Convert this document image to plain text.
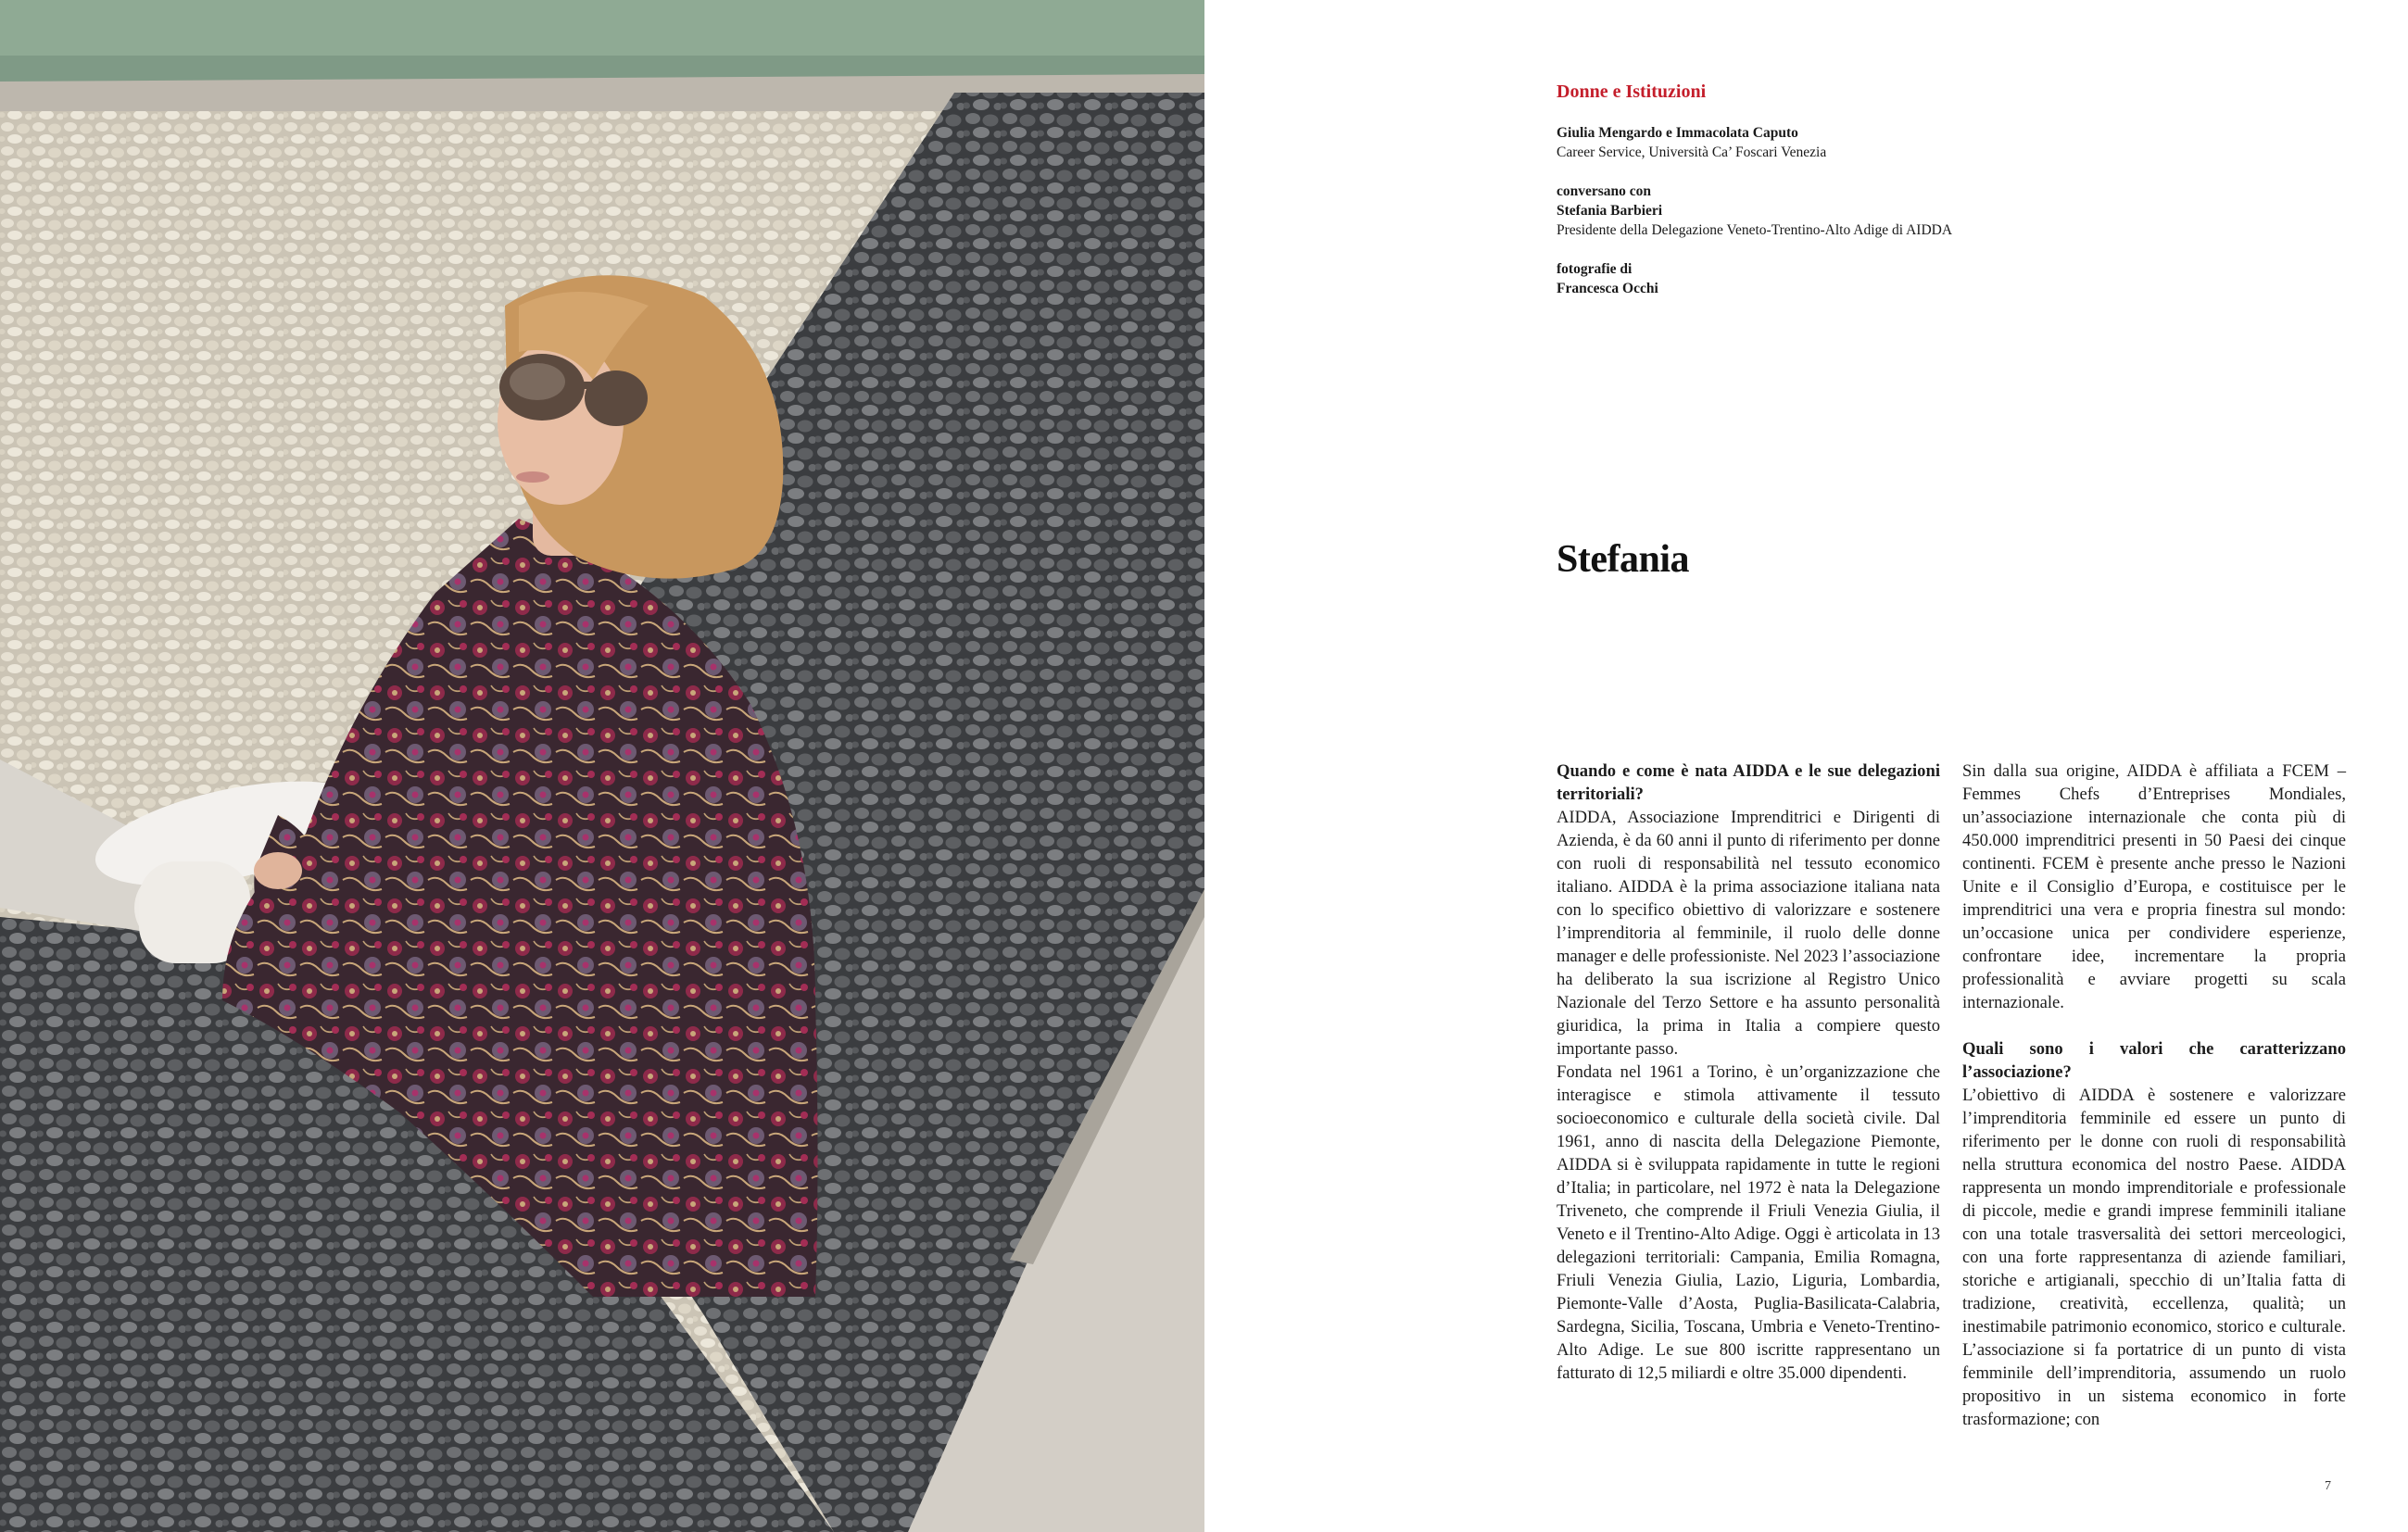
Donne e Istituzioni

Giulia Mengardo e Immacolata Caputo
Career Service, Università Ca’ Foscari Venezia

conversano con
Stefania Barbieri
Presidente della Delegazione Veneto-Trentino-Alto Adige di AIDDA

fotografie di
Francesca Occhi

Stefania

Quando e come è nata AIDDA e le sue delegazioni territoriali?

AIDDA, Associazione Imprenditrici e Dirigenti di Azienda, è da 60 anni il punto di riferimento per donne con ruoli di responsabilità nel tessuto economico italiano. AIDDA è la prima associazione italiana nata con lo specifico obiettivo di valorizzare e sostenere l’imprenditoria al femminile, il ruolo delle donne manager e delle professioniste. Nel 2023 l’associazione ha deliberato la sua iscrizione al Registro Unico Nazionale del Terzo Settore e ha assunto personalità giuridica, la prima in Italia a compiere questo importante passo.

Fondata nel 1961 a Torino, è un’organizzazione che interagisce e stimola attivamente il tessuto socioeconomico e culturale della società civile. Dal 1961, anno di nascita della Delegazione Piemonte, AIDDA si è sviluppata rapidamente in tutte le regioni d’Italia; in particolare, nel 1972 è nata la Delegazione Triveneto, che comprende il Friuli Venezia Giulia, il Veneto e il Trentino-Alto Adige. Oggi è articolata in 13 delegazioni territoriali: Campania, Emilia Romagna, Friuli Venezia Giulia, Lazio, Liguria, Lombardia, Piemonte-Valle d’Aosta, Puglia-Basilicata-Calabria, Sardegna, Sicilia, Toscana, Umbria e Veneto-Trentino-Alto Adige. Le sue 800 iscritte rappresentano un fatturato di 12,5 miliardi e oltre 35.000 dipendenti.

Sin dalla sua origine, AIDDA è affiliata a FCEM – Femmes Chefs d’Entreprises Mondiales, un’associazione internazionale che conta più di 450.000 imprenditrici presenti in 50 Paesi dei cinque continenti. FCEM è presente anche presso le Nazioni Unite e il Consiglio d’Europa, e costituisce per le imprenditrici una vera e propria finestra sul mondo: un’occasione unica per condividere esperienze, confrontare idee, incrementare la propria professionalità e avviare progetti su scala internazionale.

Quali sono i valori che caratterizzano l’associazione?

L’obiettivo di AIDDA è sostenere e valorizzare l’imprenditoria femminile ed essere un punto di riferimento per le donne con ruoli di responsabilità nella struttura economica del nostro Paese. AIDDA rappresenta un mondo imprenditoriale e professionale di piccole, medie e grandi imprese femminili italiane con una totale trasversalità dei settori merceologici, con una forte rappresentanza di aziende familiari, storiche e artigianali, specchio di un’Italia fatta di tradizione, creatività, eccellenza, qualità; un inestimabile patrimonio economico, storico e culturale. L’associazione si fa portatrice di un punto di vista femminile dell’imprenditoria, assumendo un ruolo propositivo in un sistema economico in forte trasformazione; con

7
